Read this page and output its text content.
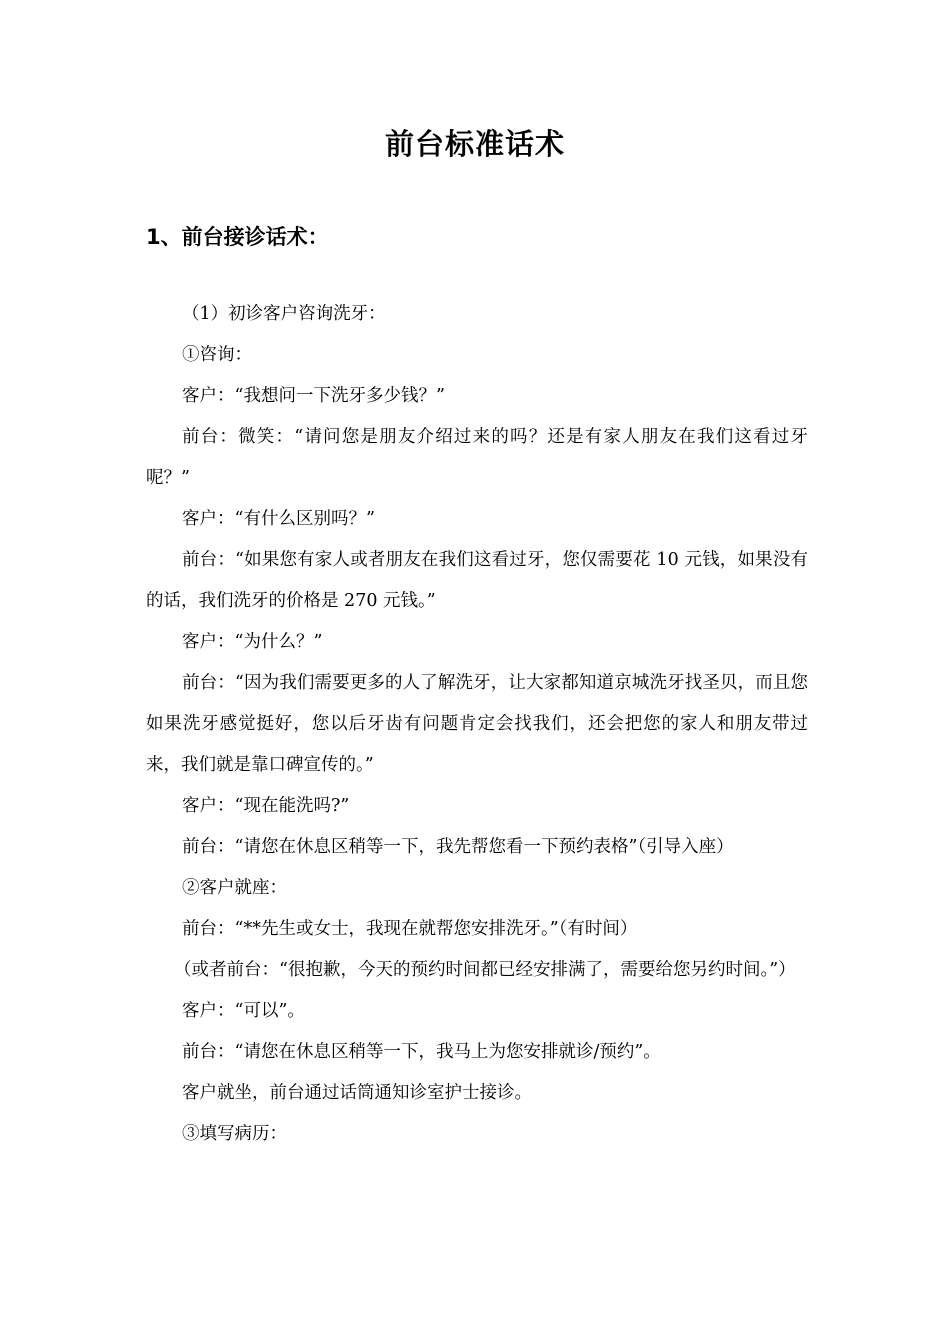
前台标准话术
1、前台接诊话术：

（1）初诊客户咨询洗牙：

①咨询：

客户：“我想问一下洗牙多少钱？”

前台：微笑：“请问您是朋友介绍过来的吗？还是有家人朋友在我们这看过牙呢？”

客户：“有什么区别吗？”

前台：“如果您有家人或者朋友在我们这看过牙，您仅需要花 10 元钱，如果没有的话，我们洗牙的价格是 270 元钱。”

客户：“为什么？”

前台：“因为我们需要更多的人了解洗牙，让大家都知道京城洗牙找圣贝，而且您如果洗牙感觉挺好，您以后牙齿有问题肯定会找我们，还会把您的家人和朋友带过来，我们就是靠口碑宣传的。”

客户：“现在能洗吗?”

前台：“请您在休息区稍等一下，我先帮您看一下预约表格”（引导入座）

②客户就座：

前台：“**先生或女士，我现在就帮您安排洗牙。”（有时间）

（或者前台：“很抱歉，今天的预约时间都已经安排满了，需要给您另约时间。”）

客户：“可以”。

前台：“请您在休息区稍等一下，我马上为您安排就诊/预约”。

客户就坐，前台通过话筒通知诊室护士接诊。

③填写病历：
